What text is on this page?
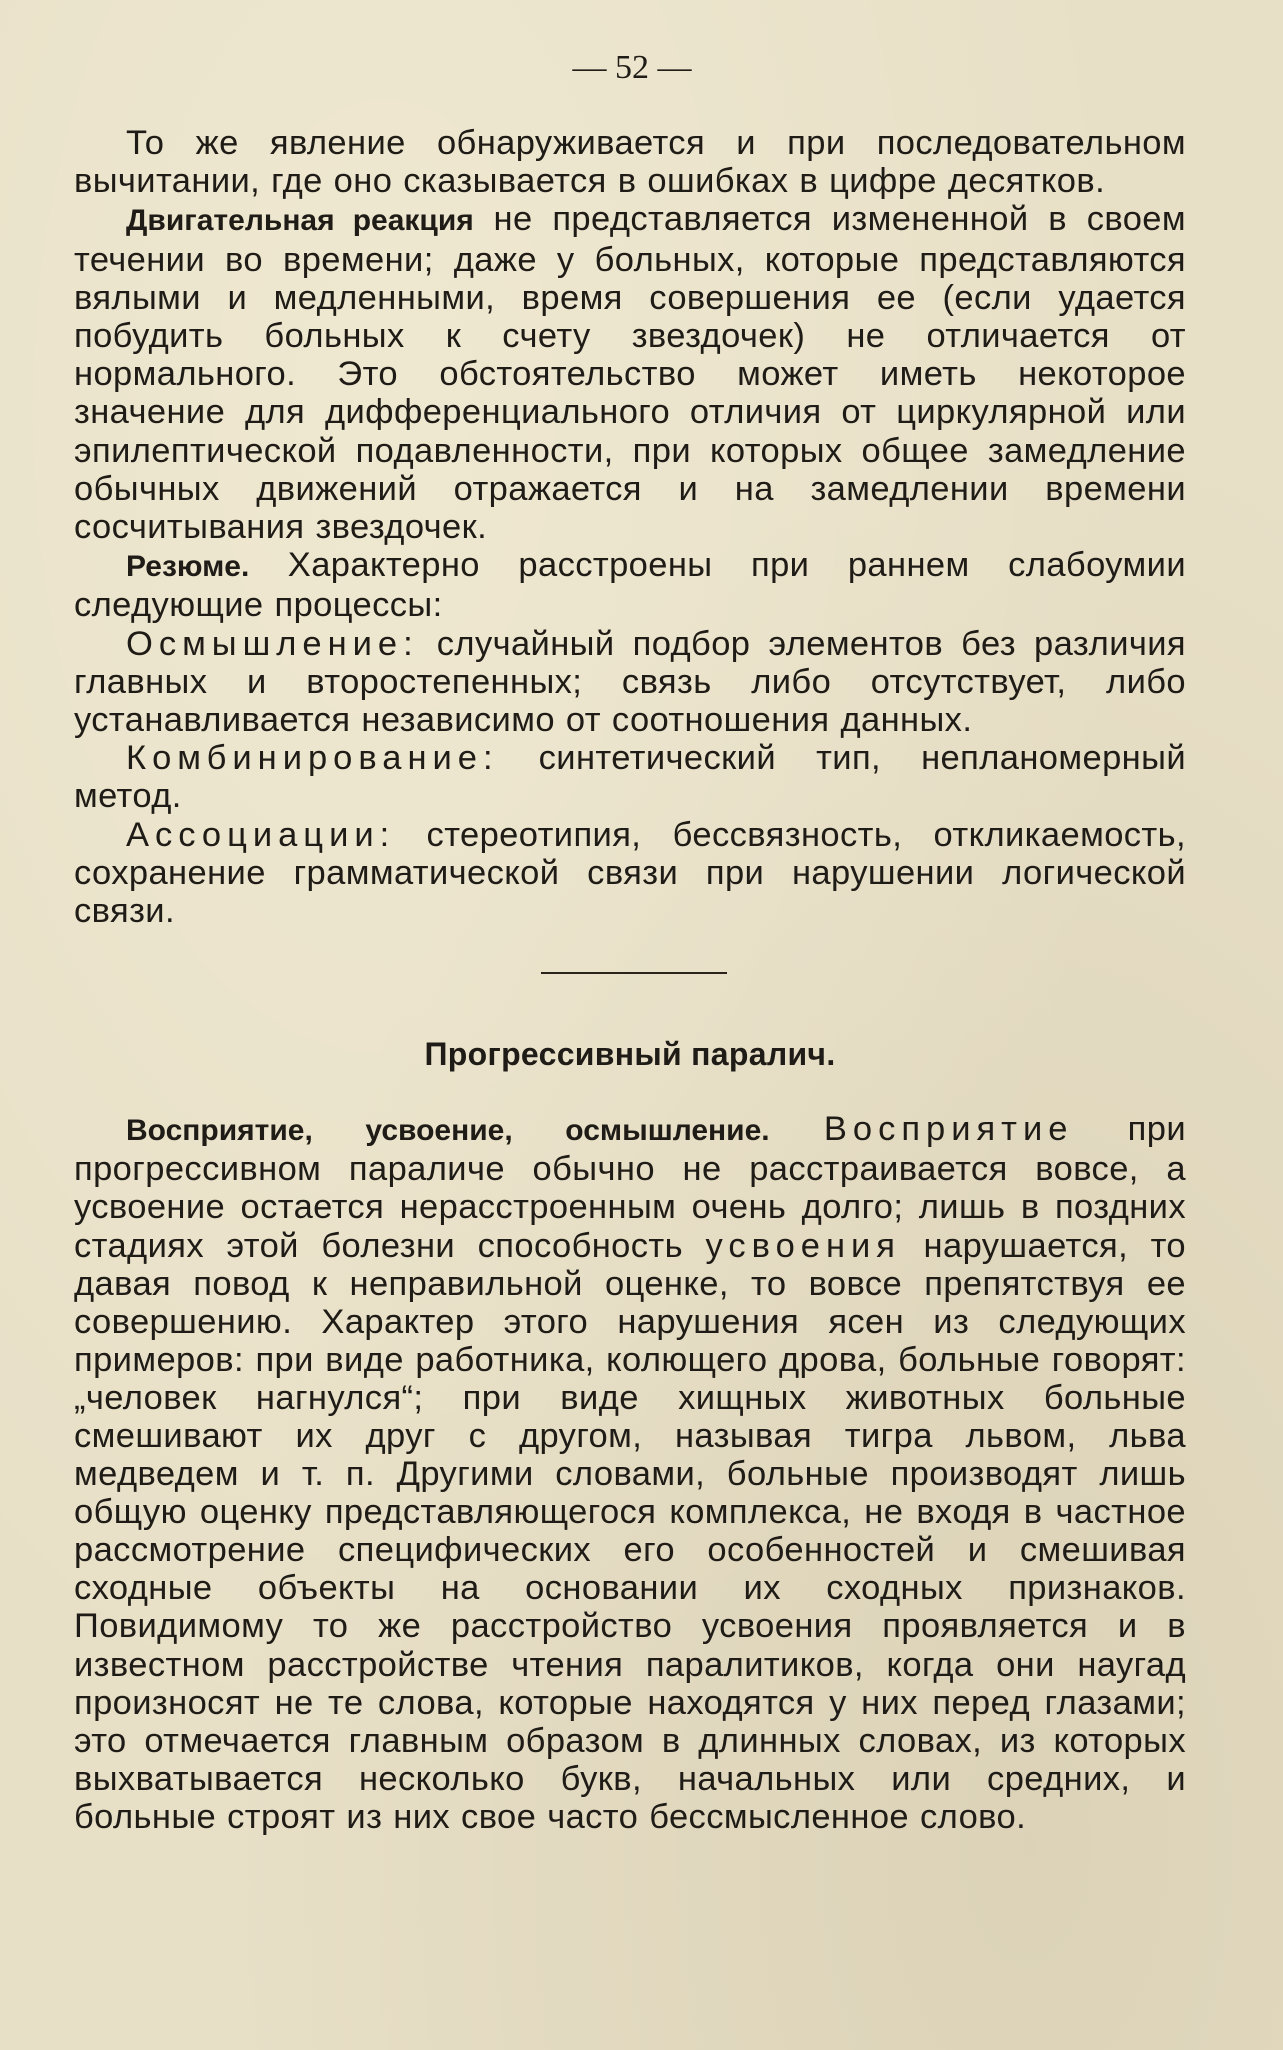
— 52 —

То же явление обнаруживается и при последовательном вычитании, где оно сказывается в ошибках в цифре десятков.

Двигательная реакция не представляется измененной в своем течении во времени; даже у больных, которые представляются вялыми и медленными, время совершения ее (если удается побудить больных к счету звездочек) не отличается от нормального. Это обстоятельство может иметь некоторое значение для дифференциального отличия от циркулярной или эпилептической подавленности, при которых общее замедление обычных движений отражается и на замедлении времени сосчитывания звездочек.

Резюме. Характерно расстроены при раннем слабоумии следующие процессы:

Осмышление: случайный подбор элементов без различия главных и второстепенных; связь либо отсутствует, либо устанавливается независимо от соотношения данных.

Комбинирование: синтетический тип, непланомерный метод.

Ассоциации: стереотипия, бессвязность, откликаемость, сохранение грамматической связи при нарушении логической связи.

Прогрессивный паралич.

Восприятие, усвоение, осмышление. Восприятие при прогрессивном параличе обычно не расстраивается вовсе, а усвоение остается нерасстроенным очень долго; лишь в поздних стадиях этой болезни способность усвоения нарушается, то давая повод к неправильной оценке, то вовсе препятствуя ее совершению. Характер этого нарушения ясен из следующих примеров: при виде работника, колющего дрова, больные говорят: „человек нагнулся“; при виде хищных животных больные смешивают их друг с другом, называя тигра львом, льва медведем и т. п. Другими словами, больные производят лишь общую оценку представляющегося комплекса, не входя в частное рассмотрение специфических его особенностей и смешивая сходные объекты на основании их сходных признаков. Повидимому то же расстройство усвоения проявляется и в известном расстройстве чтения паралитиков, когда они наугад произносят не те слова, которые находятся у них перед глазами; это отмечается главным образом в длинных словах, из которых выхватывается несколько букв, начальных или средних, и больные строят из них свое часто бессмысленное слово.
